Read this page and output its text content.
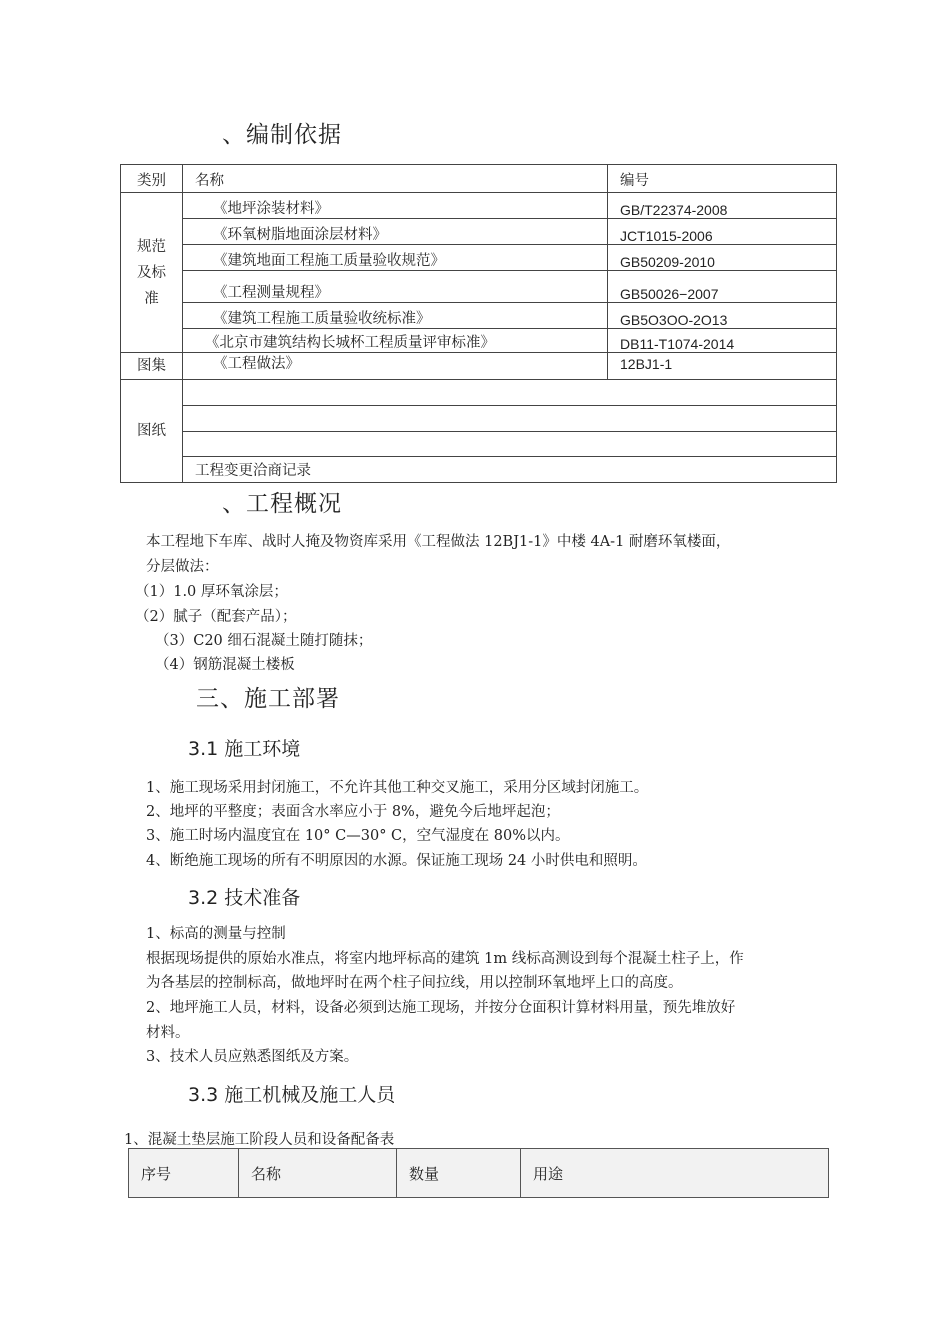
、编制依据
类别	名称	编号

规范及标准	《地坪涂装材料》	GB/T22374-2008

	《环氧树脂地面涂层材料》	JCT1015-2006

	《建筑地面工程施工质量验收规范》	GB50209-2010

	《工程测量规程》	GB50026−2007

	《建筑工程施工质量验收统标准》	GB5O3OO-2O13

	《北京市建筑结构长城杯工程质量评审标准》	DB11-T1074-2014

图集	《工程做法》	12BJ1-1

图纸		

	工程变更洽商记录	
、工程概况
本工程地下车库、战时人掩及物资库采用《工程做法 12BJ1-1》中楼 4A-1 耐磨环氧楼面，
分层做法：
（1）1.0 厚环氧涂层；
（2）腻子（配套产品）；
（3）C20 细石混凝土随打随抹；
（4）钢筋混凝土楼板
三、施工部署
3.1 施工环境
1、施工现场采用封闭施工，不允许其他工种交叉施工，采用分区域封闭施工。
2、地坪的平整度；表面含水率应小于 8%，避免今后地坪起泡；
3、施工时场内温度宜在 10° C—30° C，空气湿度在 80%以内。
4、断绝施工现场的所有不明原因的水源。保证施工现场 24 小时供电和照明。
3.2 技术准备
1、标高的测量与控制
根据现场提供的原始水准点，将室内地坪标高的建筑 1m 线标高测设到每个混凝土柱子上，作
为各基层的控制标高，做地坪时在两个柱子间拉线，用以控制环氧地坪上口的高度。
2、地坪施工人员，材料，设备必须到达施工现场，并按分仓面积计算材料用量，预先堆放好
材料。
3、技术人员应熟悉图纸及方案。
3.3 施工机械及施工人员
1、混凝土垫层施工阶段人员和设备配备表
序号	名称	数量	用途
